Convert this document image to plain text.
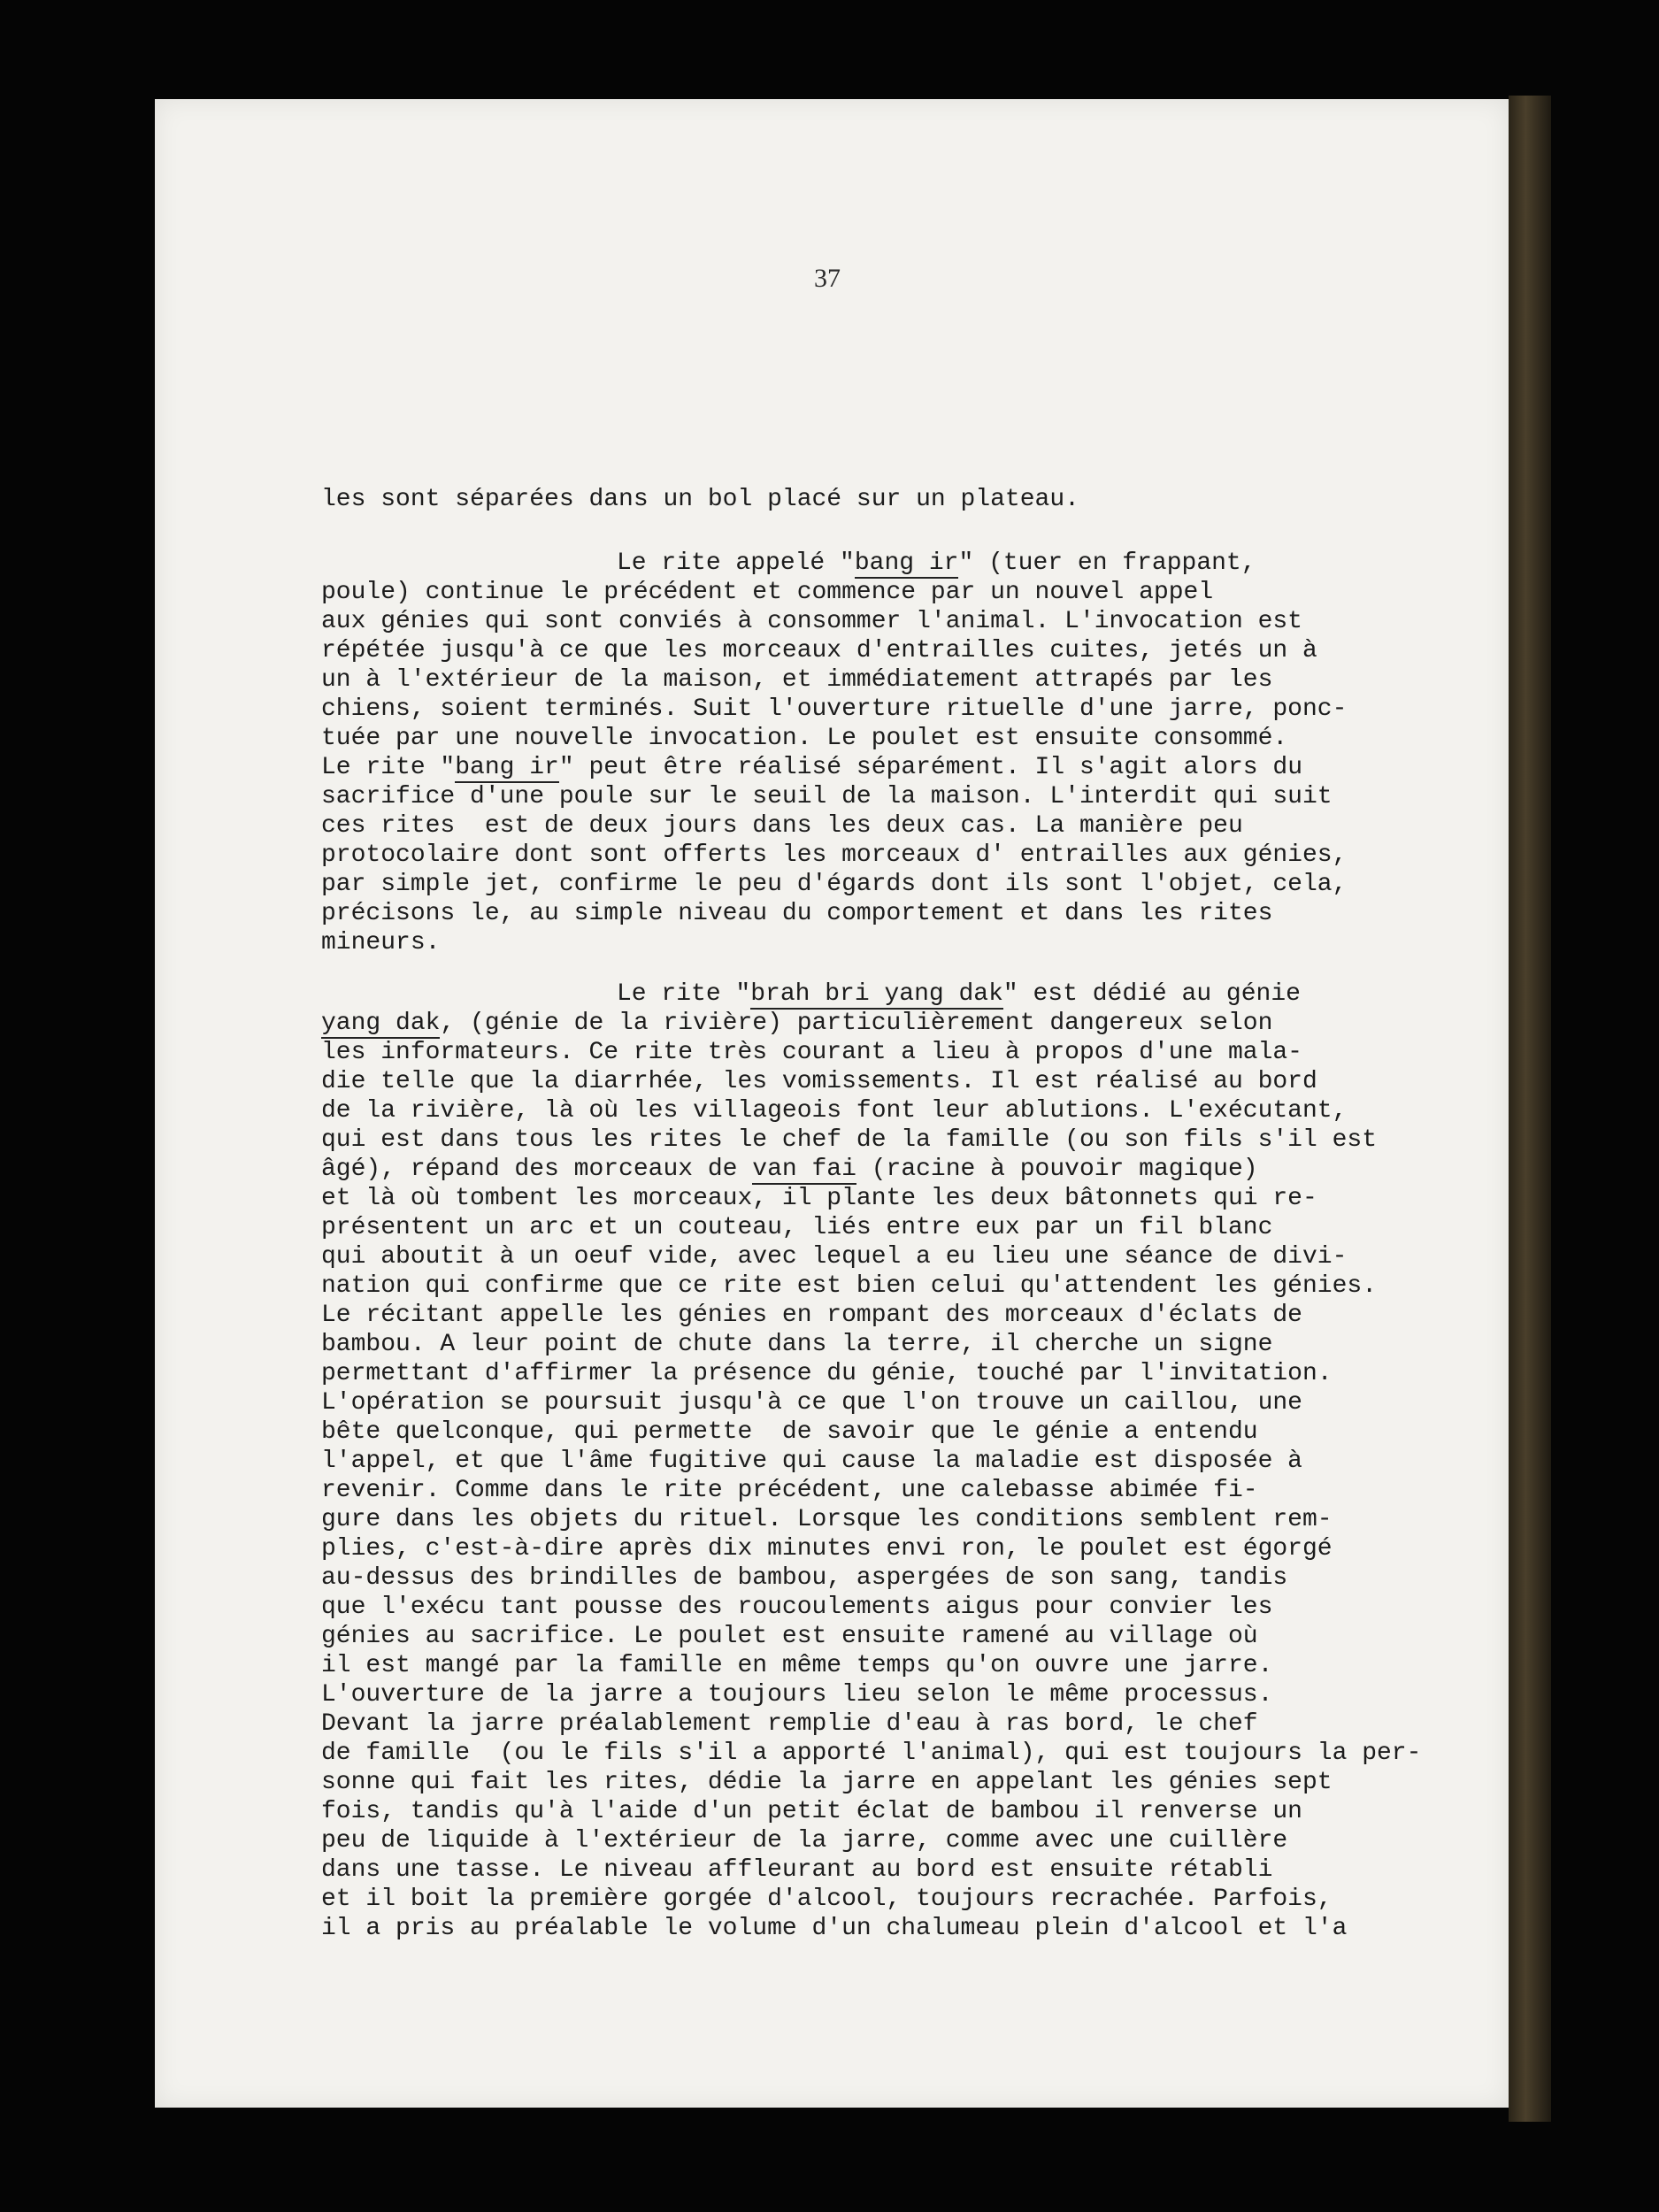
37
les sont séparées dans un bol placé sur un plateau.
Le rite appelé "bang ir" (tuer en frappant,
poule) continue le précédent et commence par un nouvel appel
aux génies qui sont conviés à consommer l'animal. L'invocation est
répétée jusqu'à ce que les morceaux d'entrailles cuites, jetés un à
un à l'extérieur de la maison, et immédiatement attrapés par les
chiens, soient terminés. Suit l'ouverture rituelle d'une jarre, ponc-
tuée par une nouvelle invocation. Le poulet est ensuite consommé.
Le rite "bang ir" peut être réalisé séparément. Il s'agit alors du
sacrifice d'une poule sur le seuil de la maison. L'interdit qui suit
ces rites  est de deux jours dans les deux cas. La manière peu
protocolaire dont sont offerts les morceaux d' entrailles aux génies,
par simple jet, confirme le peu d'égards dont ils sont l'objet, cela,
précisons le, au simple niveau du comportement et dans les rites
mineurs.
Le rite "brah bri yang dak" est dédié au génie
yang dak, (génie de la rivière) particulièrement dangereux selon
les informateurs. Ce rite très courant a lieu à propos d'une mala-
die telle que la diarrhée, les vomissements. Il est réalisé au bord
de la rivière, là où les villageois font leur ablutions. L'exécutant,
qui est dans tous les rites le chef de la famille (ou son fils s'il est
âgé), répand des morceaux de van fai (racine à pouvoir magique)
et là où tombent les morceaux, il plante les deux bâtonnets qui re-
présentent un arc et un couteau, liés entre eux par un fil blanc
qui aboutit à un oeuf vide, avec lequel a eu lieu une séance de divi-
nation qui confirme que ce rite est bien celui qu'attendent les génies.
Le récitant appelle les génies en rompant des morceaux d'éclats de
bambou. A leur point de chute dans la terre, il cherche un signe
permettant d'affirmer la présence du génie, touché par l'invitation.
L'opération se poursuit jusqu'à ce que l'on trouve un caillou, une
bête quelconque, qui permette  de savoir que le génie a entendu
l'appel, et que l'âme fugitive qui cause la maladie est disposée à
revenir. Comme dans le rite précédent, une calebasse abimée fi-
gure dans les objets du rituel. Lorsque les conditions semblent rem-
plies, c'est-à-dire après dix minutes envi ron, le poulet est égorgé
au-dessus des brindilles de bambou, aspergées de son sang, tandis
que l'exécu tant pousse des roucoulements aigus pour convier les
génies au sacrifice. Le poulet est ensuite ramené au village où
il est mangé par la famille en même temps qu'on ouvre une jarre.
L'ouverture de la jarre a toujours lieu selon le même processus.
Devant la jarre préalablement remplie d'eau à ras bord, le chef
de famille  (ou le fils s'il a apporté l'animal), qui est toujours la per-
sonne qui fait les rites, dédie la jarre en appelant les génies sept
fois, tandis qu'à l'aide d'un petit éclat de bambou il renverse un
peu de liquide à l'extérieur de la jarre, comme avec une cuillère
dans une tasse. Le niveau affleurant au bord est ensuite rétabli
et il boit la première gorgée d'alcool, toujours recrachée. Parfois,
il a pris au préalable le volume d'un chalumeau plein d'alcool et l'a
